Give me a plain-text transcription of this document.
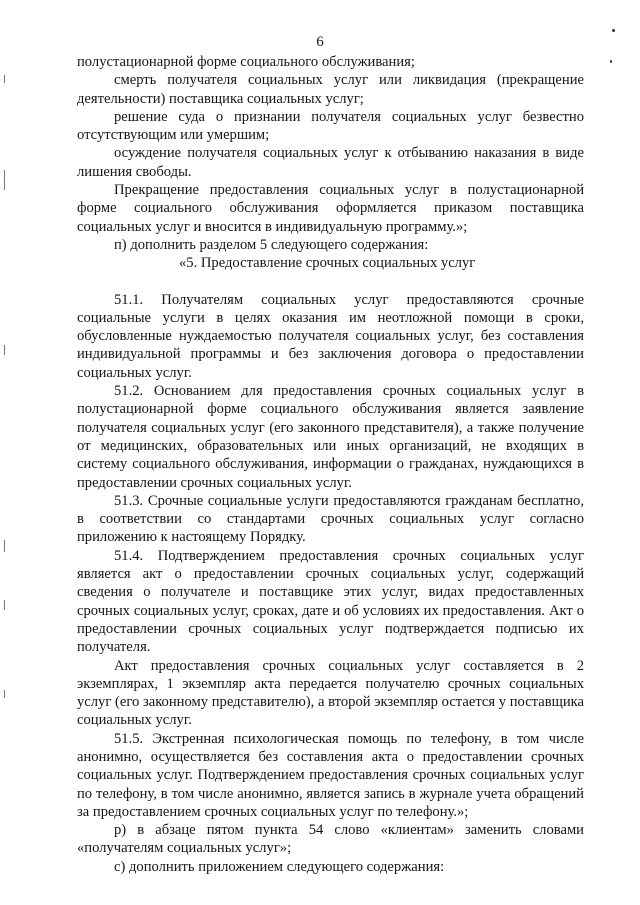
6

полустационарной форме социального обслуживания;

смерть получателя социальных услуг или ликвидация (прекращение деятельности) поставщика социальных услуг;

решение суда о признании получателя социальных услуг безвестно отсутствующим или умершим;

осуждение получателя социальных услуг к отбыванию наказания в виде лишения свободы.

Прекращение предоставления социальных услуг в полустационарной форме социального обслуживания оформляется приказом поставщика социальных услуг и вносится в индивидуальную программу.»;

п) дополнить разделом 5 следующего содержания:

«5. Предоставление срочных социальных услуг

51.1. Получателям социальных услуг предоставляются срочные социальные услуги в целях оказания им неотложной помощи в сроки, обусловленные нуждаемостью получателя социальных услуг, без составления индивидуальной программы и без заключения договора о предоставлении социальных услуг.

51.2. Основанием для предоставления срочных социальных услуг в полустационарной форме социального обслуживания является заявление получателя социальных услуг (его законного представителя), а также получение от медицинских, образовательных или иных организаций, не входящих в систему социального обслуживания, информации о гражданах, нуждающихся в предоставлении срочных социальных услуг.

51.3. Срочные социальные услуги предоставляются гражданам бесплатно, в соответствии со стандартами срочных социальных услуг согласно приложению к настоящему Порядку.

51.4. Подтверждением предоставления срочных социальных услуг является акт о предоставлении срочных социальных услуг, содержащий сведения о получателе и поставщике этих услуг, видах предоставленных срочных социальных услуг, сроках, дате и об условиях их предоставления. Акт о предоставлении срочных социальных услуг подтверждается подписью их получателя.

Акт предоставления срочных социальных услуг составляется в 2 экземплярах, 1 экземпляр акта передается получателю срочных социальных услуг (его законному представителю), а второй экземпляр остается у поставщика социальных услуг.

51.5. Экстренная психологическая помощь по телефону, в том числе анонимно, осуществляется без составления акта о предоставлении срочных социальных услуг. Подтверждением предоставления срочных социальных услуг по телефону, в том числе анонимно, является запись в журнале учета обращений за предоставлением срочных социальных услуг по телефону.»;

р) в абзаце пятом пункта 54 слово «клиентам» заменить словами «получателям социальных услуг»;

с) дополнить приложением следующего содержания:
